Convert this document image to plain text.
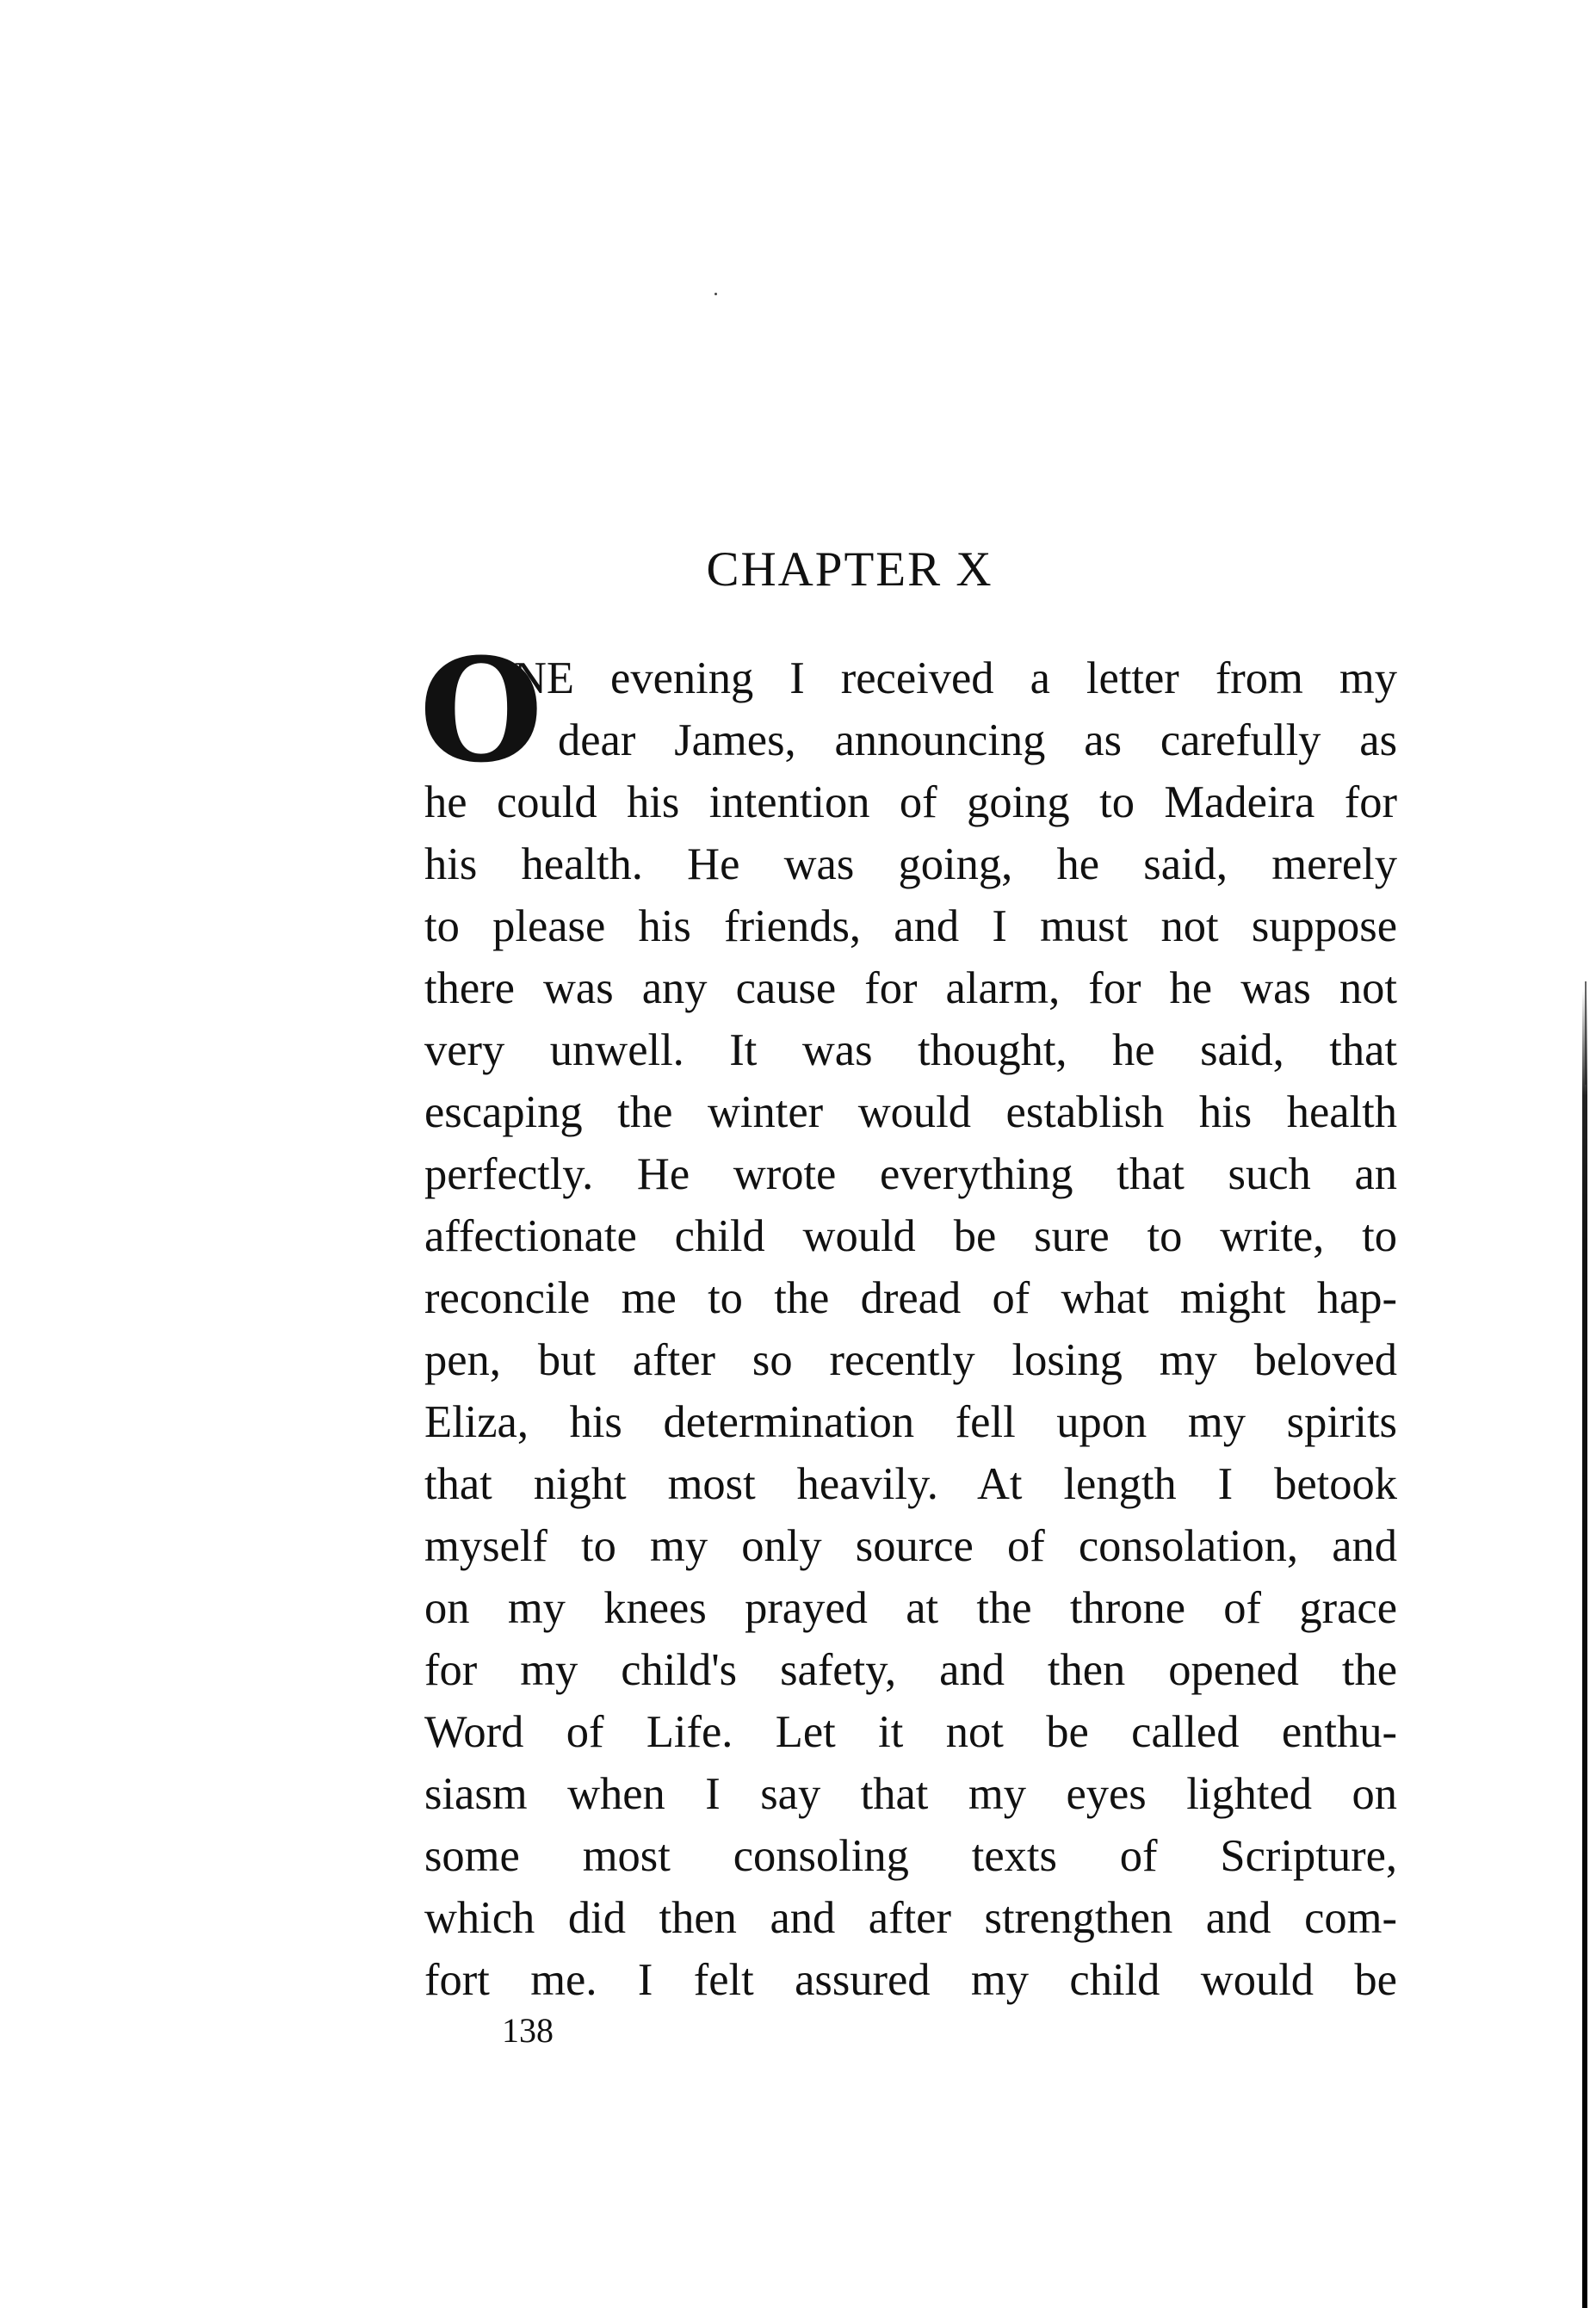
CHAPTER X
O
NE evening I received a letter from my
dear James, announcing as carefully as
he could his intention of going to Madeira for
his health. He was going, he said, merely
to please his friends, and I must not suppose
there was any cause for alarm, for he was not
very unwell. It was thought, he said, that
escaping the winter would establish his health
perfectly. He wrote everything that such an
affectionate child would be sure to write, to
reconcile me to the dread of what might hap-
pen, but after so recently losing my beloved
Eliza, his determination fell upon my spirits
that night most heavily. At length I betook
myself to my only source of consolation, and
on my knees prayed at the throne of grace
for my child's safety, and then opened the
Word of Life. Let it not be called enthu-
siasm when I say that my eyes lighted on
some most consoling texts of Scripture,
which did then and after strengthen and com-
fort me. I felt assured my child would be
138
